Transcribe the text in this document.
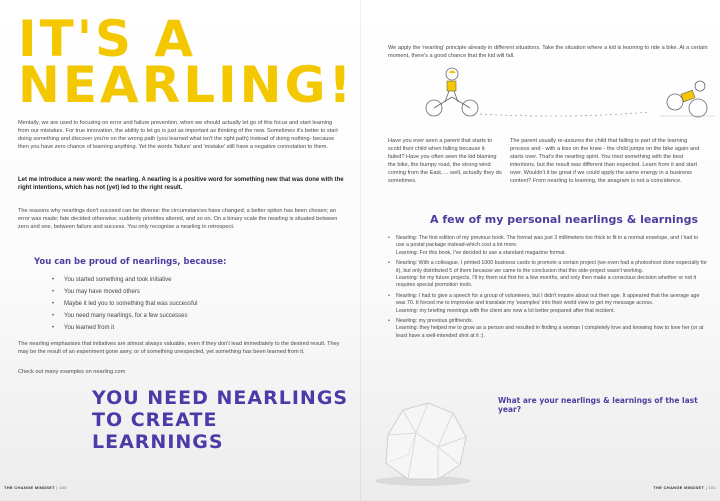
IT'S A NEARLING!

Mentally, we are used to focusing on error and failure prevention, when we should actually let go of this focus and start learning from our mistakes. For true innovation, the ability to let go is just as important as thinking of the new. Sometimes it's better to start doing something and discover you're on the wrong path (you learned what isn't the right path) instead of doing nothing- because then you have zero chance of learning anything. Yet the words 'failure' and 'mistake' still have a negative connotation to them.

Let me introduce a new word: the nearling. A nearling is a positive word for something new that was done with the right intentions, which has not (yet) led to the right result.

The reasons why nearlings don't succeed can be diverse: the circumstances have changed; a better option has been chosen; an error was made; fate decided otherwise; suddenly priorities altered, and so on. On a binary scale the nearling is situated between zero and one, between failure and success. You only recognise a nearling in retrospect.

You can be proud of nearlings, because:
• You started something and took initiative
• You may have moved others
• Maybe it led you to something that was successful
• You need many nearlings, for a few successes
• You learned from it

The nearling emphasises that initiatives are almost always valuable, even if they don't lead immediately to the desired result. They may be the result of an experiment gone awry, or of something unexpected, yet something has been learned from it.

Check out many examples on nearling.com

YOU NEED NEARLINGS
TO CREATE LEARNINGS
THE CHANGE MINDSET | 100

We apply the 'nearling' principle already in different situations. Take the situation where a kid is learning to ride a bike. At a certain moment, there's a good chance that the kid will fall.

Have you ever seen a parent that starts to scold their child when falling because it failed? Have you often seen the kid blaming the bike, the bumpy road, the strong wind coming from the East, ... well, actually they do sometimes.

The parent usually re-assures the child that falling is part of the learning process and - with a kiss on the knee - the child jumps on the bike again and starts over. That's the nearling spirit. You tried something with the best intentions, but the result was different than expected. Learn from it and start over. Wouldn't it be great if we could apply the same energy in a business context? From nearling to learning, the anagram is not a coincidence.

A few of my personal nearlings & learnings
• Nearling: The first edition of my previous book. The format was just 3 millimeters too thick to fit in a normal envelope, and I had to use a postal package instead-which cost a lot more.
Learning: For this book, I've decided to use a standard magazine format.
• Nearling: With a colleague, I printed 1000 business cards to promote a certain project (we even had a photoshoot done especially for it), but only distributed 5 of them because we came to the conclusion that this side-project wasn't working.
Learning: for my future projects, I'll try them out first for a few months, and only then make a conscious decision whether or not it requires special promotion tools.
• Nearling: I had to give a speech for a group of volunteers, but I didn't inquire about out their age. It appeared that the average age was 70. It forced me to improvise and translate my 'examples' into their world view to get my message across.
Learning: my briefing meetings with the client are now a lot better prepared after that incident.
• Nearling: my previous girlfriends.
Learning: they helped me to grow as a person and resulted in finding a woman I completely love and knowing how to love her (or at least have a well-intended shot at it :).
What are your nearlings & learnings of the last year?
THE CHANGE MINDSET | 101
